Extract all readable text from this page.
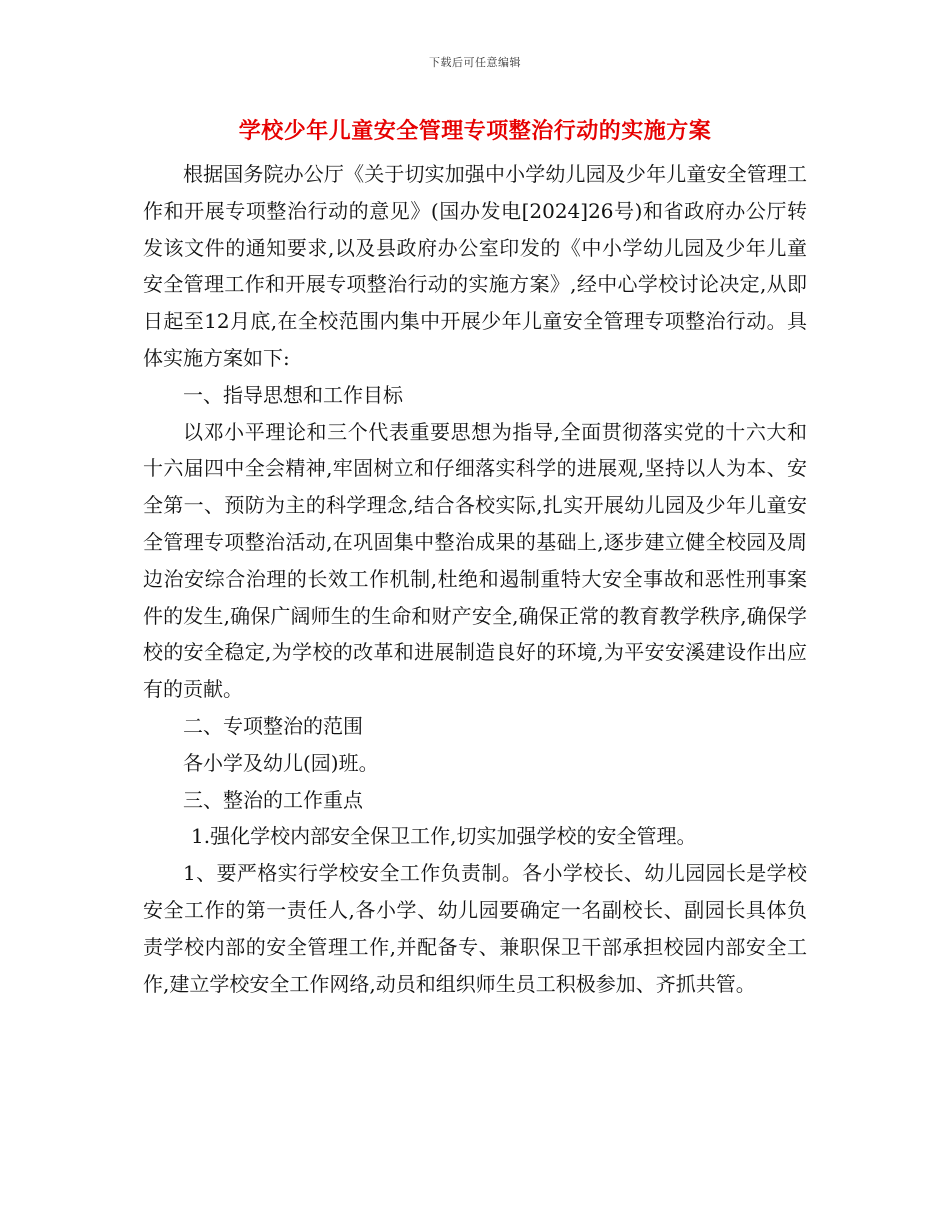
下载后可任意编辑
学校少年儿童安全管理专项整治行动的实施方案

根据国务院办公厅《关于切实加强中小学幼儿园及少年儿童安全管理工作和开展专项整治行动的意见》(国办发电[2024]26号)和省政府办公厅转发该文件的通知要求,以及县政府办公室印发的《中小学幼儿园及少年儿童安全管理工作和开展专项整治行动的实施方案》,经中心学校讨论决定,从即日起至12月底,在全校范围内集中开展少年儿童安全管理专项整治行动。具体实施方案如下:

一、指导思想和工作目标

以邓小平理论和三个代表重要思想为指导,全面贯彻落实党的十六大和十六届四中全会精神,牢固树立和仔细落实科学的进展观,坚持以人为本、安全第一、预防为主的科学理念,结合各校实际,扎实开展幼儿园及少年儿童安全管理专项整治活动,在巩固集中整治成果的基础上,逐步建立健全校园及周边治安综合治理的长效工作机制,杜绝和遏制重特大安全事故和恶性刑事案件的发生,确保广阔师生的生命和财产安全,确保正常的教育教学秩序,确保学校的安全稳定,为学校的改革和进展制造良好的环境,为平安安溪建设作出应有的贡献。

二、专项整治的范围

各小学及幼儿(园)班。

三、整治的工作重点

1.强化学校内部安全保卫工作,切实加强学校的安全管理。

1、要严格实行学校安全工作负责制。各小学校长、幼儿园园长是学校安全工作的第一责任人,各小学、幼儿园要确定一名副校长、副园长具体负责学校内部的安全管理工作,并配备专、兼职保卫干部承担校园内部安全工作,建立学校安全工作网络,动员和组织师生员工积极参加、齐抓共管。
